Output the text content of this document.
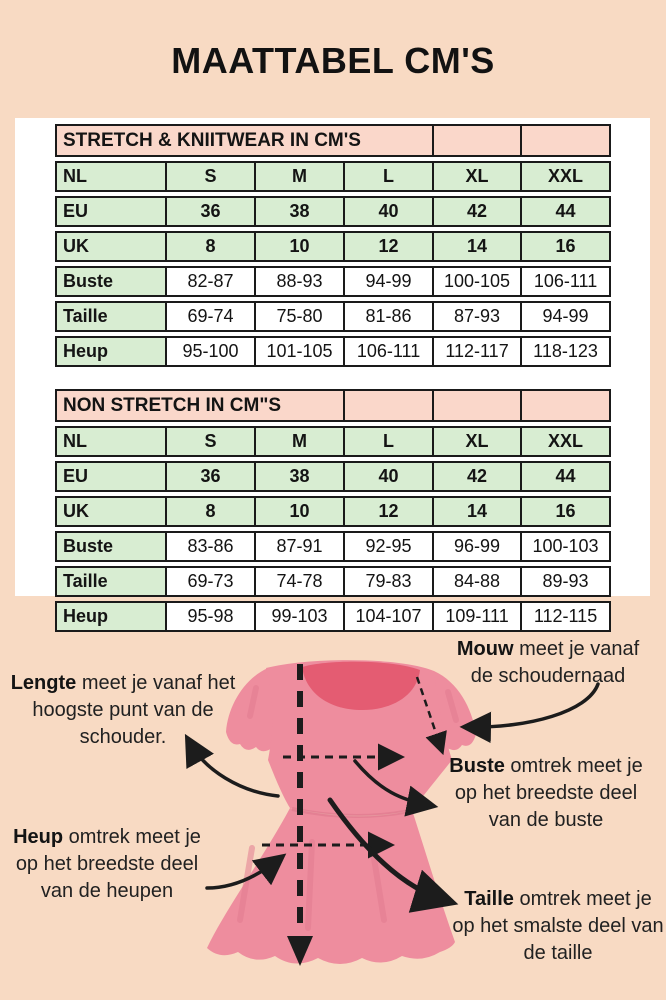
MAATTABEL CM'S
STRETCH & KNIITWEAR IN CM'S					
NL	S	M	L	XL	XXL
EU	36	38	40	42	44
UK	8	10	12	14	16
Buste	82-87	88-93	94-99	100-105	106-111
Taille	69-74	75-80	81-86	87-93	94-99
Heup	95-100	101-105	106-111	112-117	118-123
NON STRETCH IN CM"S					
NL	S	M	L	XL	XXL
EU	36	38	40	42	44
UK	8	10	12	14	16
Buste	83-86	87-91	92-95	96-99	100-103
Taille	69-73	74-78	79-83	84-88	89-93
Heup	95-98	99-103	104-107	109-111	112-115
Lengte meet je vanaf het hoogste punt van de schouder.
Mouw meet je vanaf de schoudernaad
Buste omtrek meet je op het breedste deel van de buste
Heup omtrek meet je op het breedste deel van de heupen	Taille omtrek meet je op het smalste deel van de taille
